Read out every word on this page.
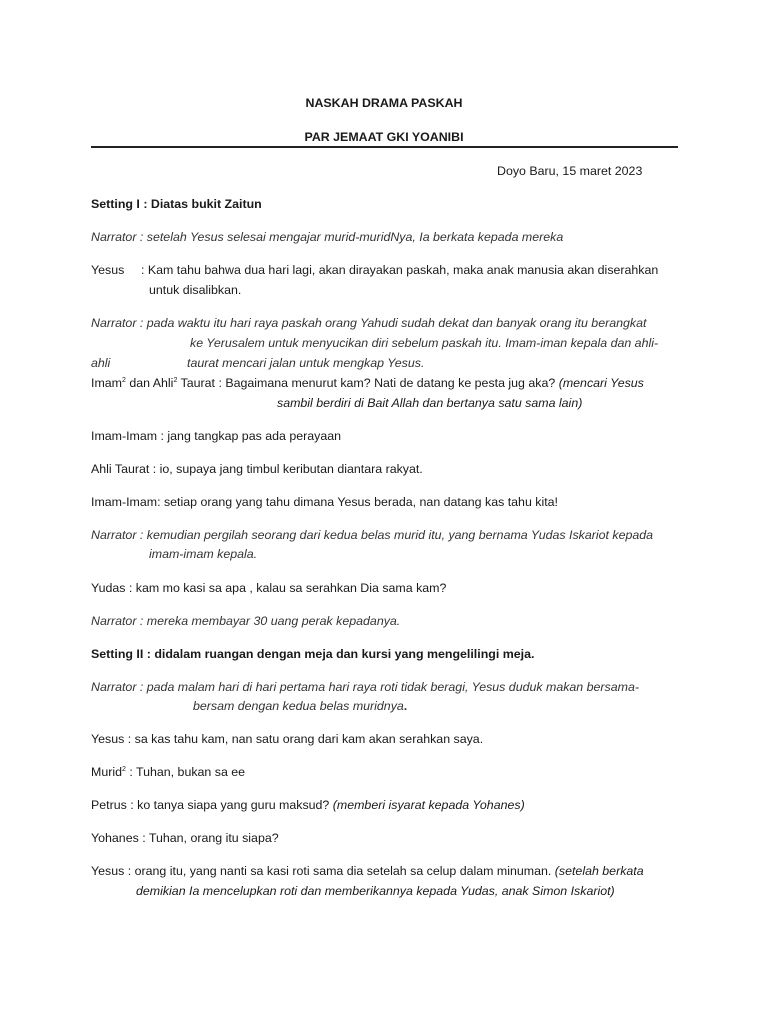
NASKAH DRAMA PASKAH
PAR JEMAAT GKI YOANIBI
Doyo Baru, 15 maret 2023
Setting I : Diatas bukit Zaitun
Narrator : setelah Yesus selesai mengajar murid-muridNya, Ia berkata kepada mereka
Yesus : Kam tahu bahwa dua hari lagi, akan dirayakan paskah, maka anak manusia akan diserahkan
untuk disalibkan.
Narrator : pada waktu itu hari raya paskah orang Yahudi sudah dekat dan banyak orang itu berangkat
ke Yerusalem untuk menyucikan diri sebelum paskah itu. Imam-iman kepala dan ahli-
ahli	taurat mencari jalan untuk mengkap Yesus.
Imam$^2$ dan Ahli$^2$ Taurat : Bagaimana menurut kam? Nati de datang ke pesta jug aka? (mencari Yesus
sambil berdiri di Bait Allah dan bertanya satu sama lain)
Imam-Imam : jang tangkap pas ada perayaan
Ahli Taurat : io, supaya jang timbul keributan diantara rakyat.
Imam-Imam: setiap orang yang tahu dimana Yesus berada, nan datang kas tahu kita!
Narrator : kemudian pergilah seorang dari kedua belas murid itu, yang bernama Yudas Iskariot kepada
imam-imam kepala.
Yudas : kam mo kasi sa apa , kalau sa serahkan Dia sama kam?
Narrator : mereka membayar 30 uang perak kepadanya.
Setting II : didalam ruangan dengan meja dan kursi yang mengelilingi meja.
Narrator : pada malam hari di hari pertama hari raya roti tidak beragi, Yesus duduk makan bersama-
bersam dengan kedua belas muridnya.
Yesus : sa kas tahu kam, nan satu orang dari kam akan serahkan saya.
Murid$^2$ : Tuhan, bukan sa ee
Petrus : ko tanya siapa yang guru maksud? (memberi isyarat kepada Yohanes)
Yohanes : Tuhan, orang itu siapa?
Yesus : orang itu, yang nanti sa kasi roti sama dia setelah sa celup dalam minuman. (setelah berkata
demikian Ia mencelupkan roti dan memberikannya kepada Yudas, anak Simon Iskariot)
